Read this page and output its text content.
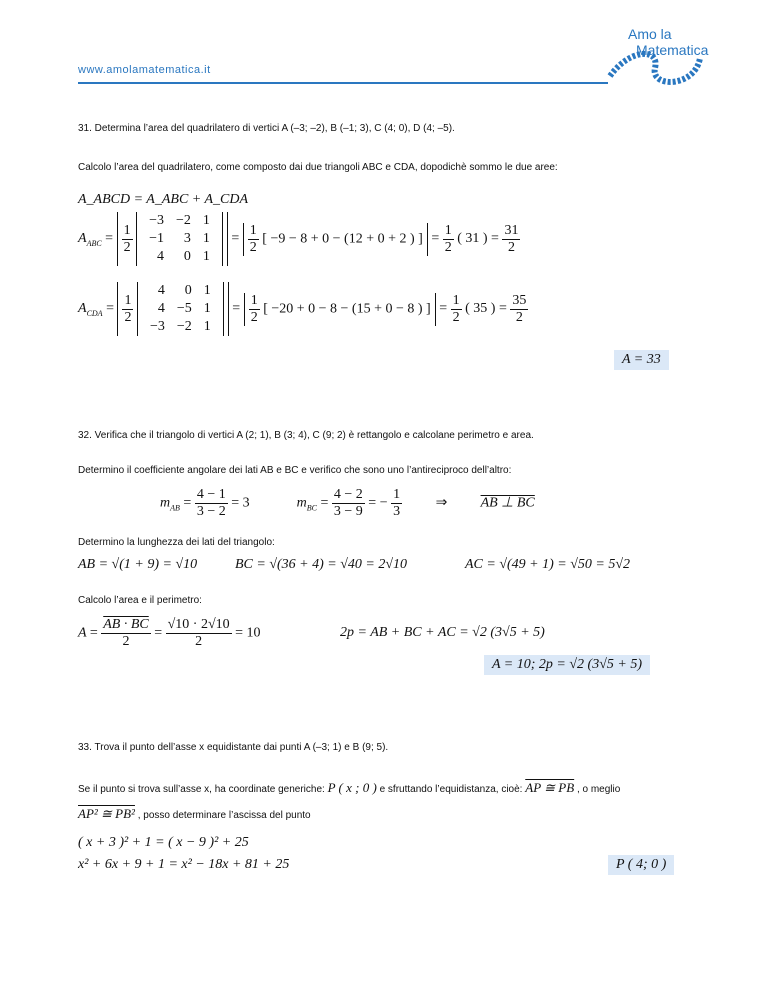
www.amolamatematica.it
Amo la
Matematica
31. Determina l’area del quadrilatero di vertici A (–3; –2), B (–1; 3), C (4; 0), D (4; –5).
Calcolo l’area del quadrilatero, come composto dai due triangoli ABC e CDA, dopodichè sommo le due aree:
A_ABCD = A_ABC + A_CDA
$A_{ABC} = \frac{1}{2}$

−3	−2	1
−1	3	1
4	0	1
= $\frac{1}{2}$ [ −9 − 8 + 0 − (12 + 0 + 2 ) ] = $\frac{1}{2}$ ( 31 ) = $\frac{31}{2}$
$A_{CDA} = \frac{1}{2}$

4	0	1
4	−5	1
−3	−2	1
= $\frac{1}{2}$ [ −20 + 0 − 8 − (15 + 0 − 8 ) ] = $\frac{1}{2}$ ( 35 ) = $\frac{35}{2}$
A = 33
32. Verifica che il triangolo di vertici A (2; 1), B (3; 4), C (9; 2) è rettangolo e calcolane perimetro e area.
Determino il coefficiente angolare dei lati AB e BC e verifico che sono uno l’antireciproco dell’altro:
$m_{AB} = \frac{4 - 1}{3 - 2} = 3$	$m_{BC} = \frac{4 - 2}{3 - 9}$ = − $\frac{1}{3}$ ⇒ AB ⊥ BC
Determino la lunghezza dei lati del triangolo:
AB = √(1 + 9) = √10	BC = √(36 + 4) = √40 = 2√10	AC = √(49 + 1) = √50 = 5√2
Calcolo l’area e il perimetro:
$A = \frac{AB \cdot BC}{2} = \frac{√10 \cdot 2√10}{2} = 10$	2p = AB + BC + AC = √2 (3√5 + 5)
A = 10; 2p = √2 (3√5 + 5)
33. Trova il punto dell’asse x equidistante dai punti A (–3; 1) e B (9; 5).
Se il punto si trova sull’asse x, ha coordinate generiche: P ( x ; 0 ) e sfruttando l’equidistanza, cioè: AP ≅ PB , o meglio
AP² ≅ PB² , posso determinare l’ascissa del punto
( x + 3 )² + 1 = ( x − 9 )² + 25
x² + 6x + 9 + 1 = x² − 18x + 81 + 25	P ( 4; 0 )
